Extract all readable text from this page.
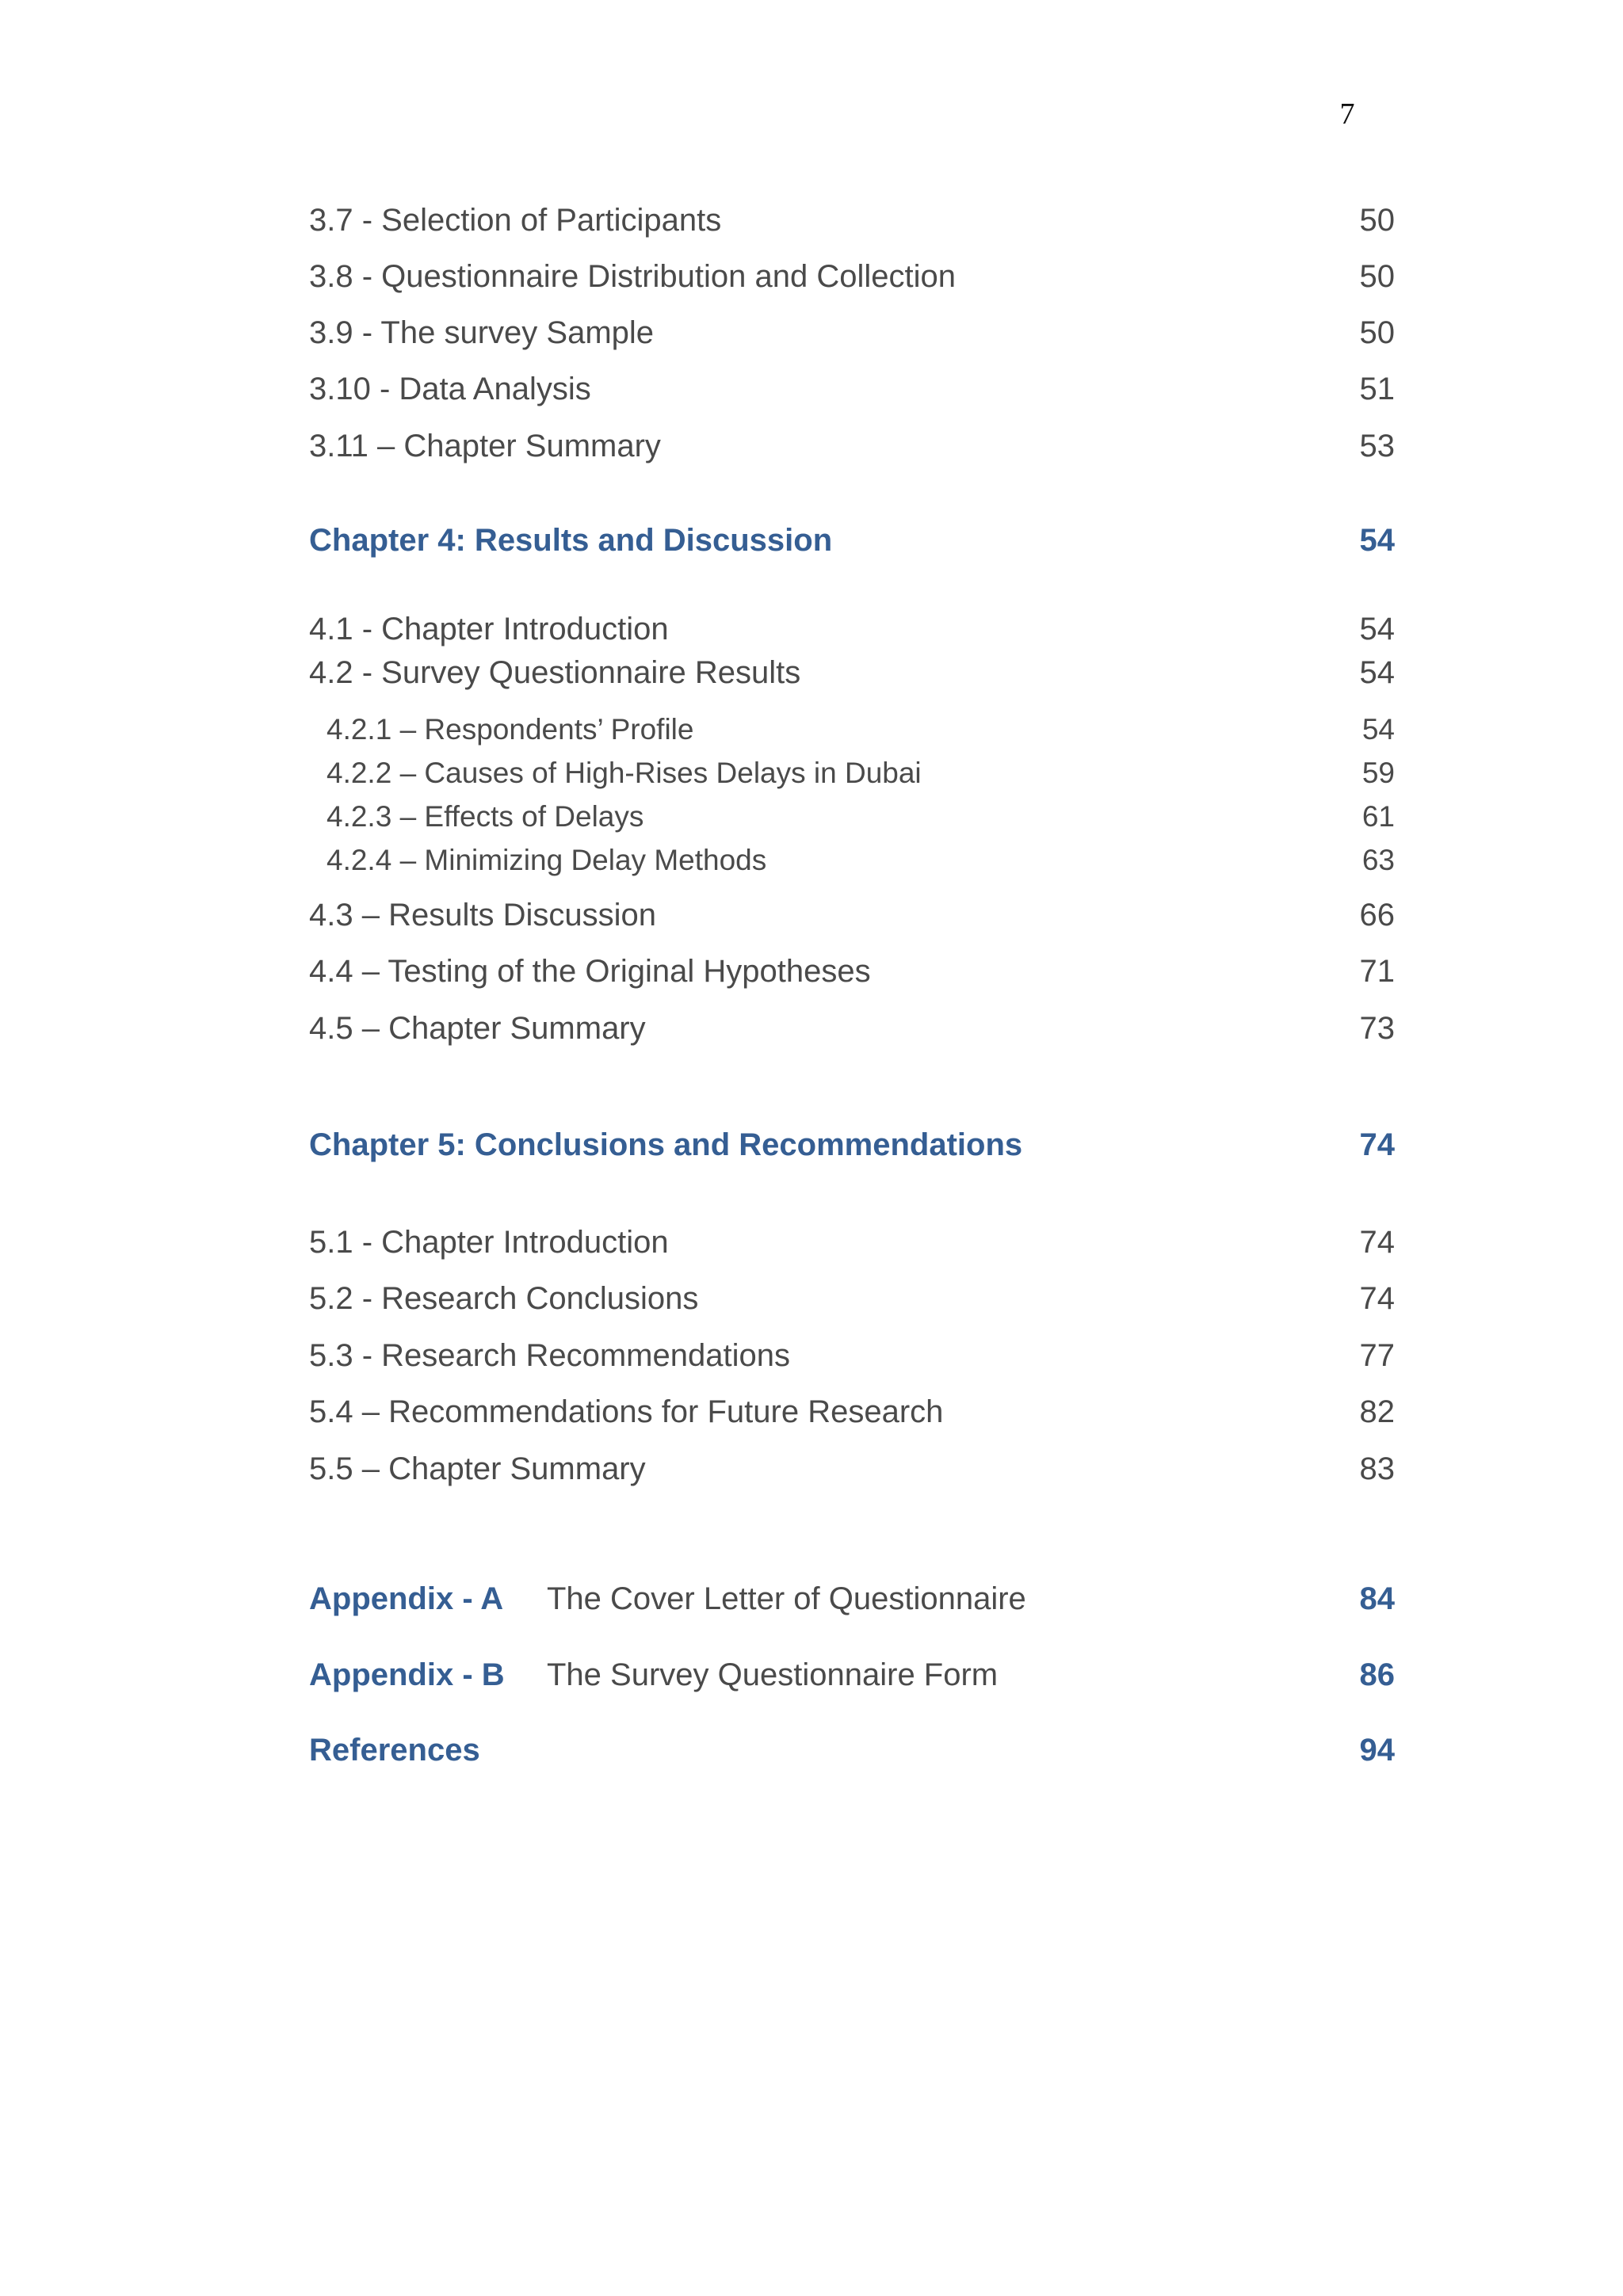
7
3.7 - Selection of Participants	50
3.8 - Questionnaire Distribution and Collection	50
3.9 - The survey Sample	50
3.10 - Data Analysis	51
3.11 – Chapter Summary	53
Chapter 4: Results and Discussion	54
4.1 - Chapter Introduction	54
4.2 - Survey Questionnaire Results	54
4.2.1 – Respondents’ Profile	54
4.2.2 – Causes of High-Rises Delays in Dubai	59
4.2.3 – Effects of Delays	61
4.2.4 – Minimizing Delay Methods	63
4.3 – Results Discussion	66
4.4 – Testing of the Original Hypotheses	71
4.5 – Chapter Summary	73
Chapter 5: Conclusions and Recommendations	74
5.1 - Chapter Introduction	74
5.2 - Research Conclusions	74
5.3 - Research Recommendations	77
5.4 – Recommendations for Future Research	82
5.5 – Chapter Summary	83
Appendix - A The Cover Letter of Questionnaire	84
Appendix - B The Survey Questionnaire Form	86
References	94
